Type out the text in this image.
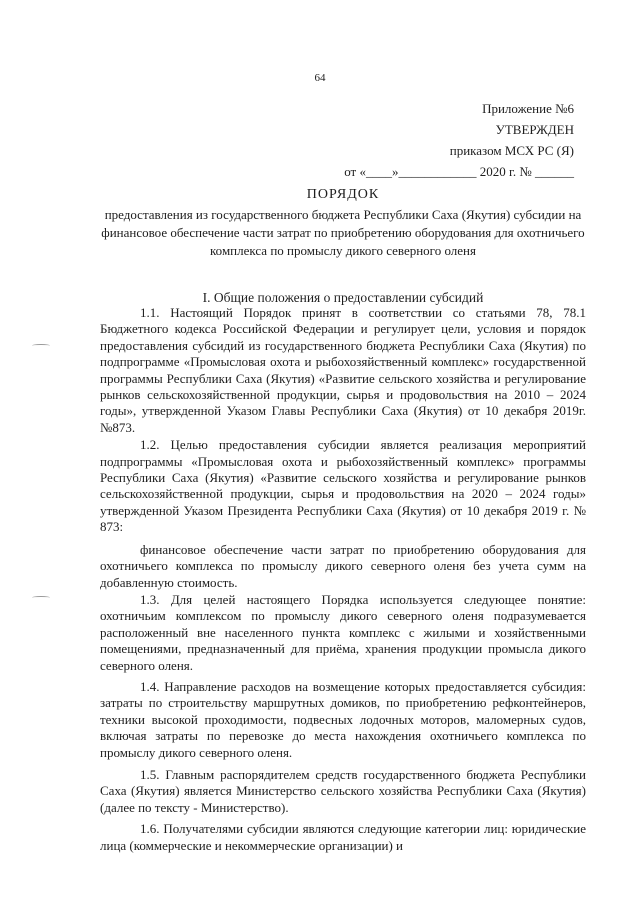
64
Приложение №6
УТВЕРЖДЕН
приказом МСХ РС (Я)
от «____»____________ 2020 г. № ______
ПОРЯДОК
предоставления из государственного бюджета Республики Саха (Якутия) субсидии на финансовое обеспечение части затрат по приобретению оборудования для охотничьего комплекса по промыслу дикого северного оленя
I. Общие положения о предоставлении субсидий

1.1. Настоящий Порядок принят в соответствии со статьями 78, 78.1 Бюджетного кодекса Российской Федерации и регулирует цели, условия и порядок предоставления субсидий из государственного бюджета Республики Саха (Якутия) по подпрограмме «Промысловая охота и рыбохозяйственный комплекс» государственной программы Республики Саха (Якутия) «Развитие сельского хозяйства и регулирование рынков сельскохозяйственной продукции, сырья и продовольствия на 2010 – 2024 годы», утвержденной Указом Главы Республики Саха (Якутия) от 10 декабря 2019г. №873.

1.2. Целью предоставления субсидии является реализация мероприятий подпрограммы «Промысловая охота и рыбохозяйственный комплекс» программы Республики Саха (Якутия) «Развитие сельского хозяйства и регулирование рынков сельскохозяйственной продукции, сырья и продовольствия на 2020 – 2024 годы» утвержденной Указом Президента Республики Саха (Якутия) от 10 декабря 2019 г. № 873:

финансовое обеспечение части затрат по приобретению оборудования для охотничьего комплекса по промыслу дикого северного оленя без учета сумм на добавленную стоимость.

1.3. Для целей настоящего Порядка используется следующее понятие: охотничьим комплексом по промыслу дикого северного оленя подразумевается расположенный вне населенного пункта комплекс с жилыми и хозяйственными помещениями, предназначенный для приёма, хранения продукции промысла дикого северного оленя.

1.4. Направление расходов на возмещение которых предоставляется субсидия: затраты по строительству маршрутных домиков, по приобретению рефконтейнеров, техники высокой проходимости, подвесных лодочных моторов, маломерных судов, включая затраты по перевозке до места нахождения охотничьего комплекса по промыслу дикого северного оленя.

1.5. Главным распорядителем средств государственного бюджета Республики Саха (Якутия) является Министерство сельского хозяйства Республики Саха (Якутия) (далее по тексту - Министерство).

1.6. Получателями субсидии являются следующие категории лиц: юридические лица (коммерческие и некоммерческие организации) и
